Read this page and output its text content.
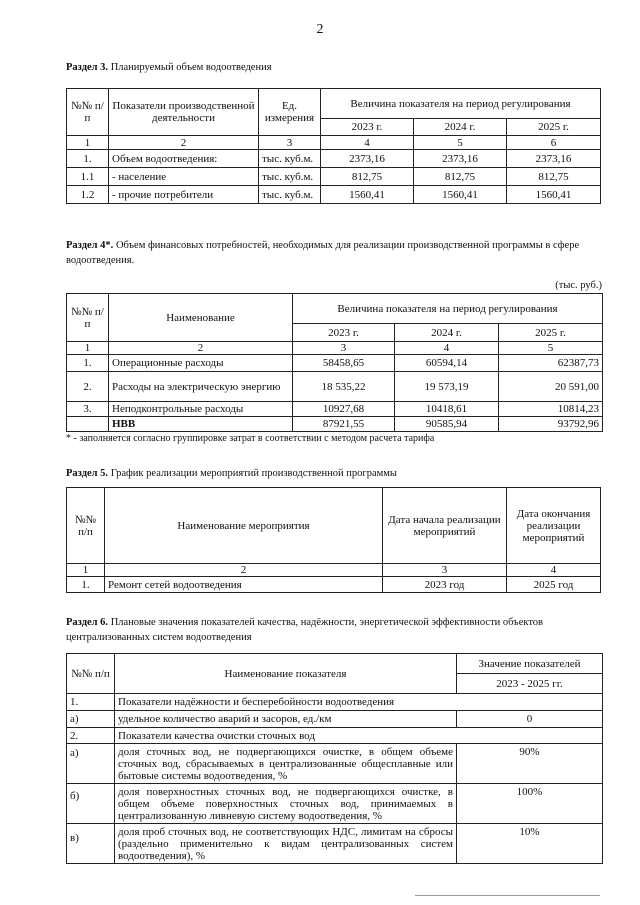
2
Раздел 3. Планируемый объем водоотведения
№№ п/п	Показатели производственной деятельности	Ед. измерения	Величина показателя на период регулирования		
			2023 г.	2024 г.	2025 г.
1	2	3	4	5	6
1.	Объем водоотведения:	тыс. куб.м.	2373,16	2373,16	2373,16
1.1	- население	тыс. куб.м.	812,75	812,75	812,75
1.2	- прочие потребители	тыс. куб.м.	1560,41	1560,41	1560,41
Раздел 4*. Объем финансовых потребностей, необходимых для реализации производственной программы в сфере водоотведения.
(тыс. руб.)
№№ п/п	Наименование	Величина показателя на период регулирования		
		2023 г.	2024 г.	2025 г.
1	2	3	4	5
1.	Операционные расходы	58458,65	60594,14	62387,73
2.	Расходы на электрическую энергию	18 535,22	19 573,19	20 591,00
3.	Неподконтрольные расходы	10927,68	10418,61	10814,23
	НВВ	87921,55	90585,94	93792,96
* - заполняется согласно группировке затрат в соответствии с методом расчета тарифа
Раздел 5. График реализации мероприятий производственной программы
№№ п/п	Наименование мероприятия	Дата начала реализации мероприятий	Дата окончания реализации мероприятий
1	2	3	4
1.	Ремонт сетей водоотведения	2023 год	2025 год
Раздел 6. Плановые значения показателей качества, надёжности, энергетической эффективности объектов централизованных систем водоотведения
№№ п/п	Наименование показателя	Значение показателей
		2023 - 2025 гг.
1.	Показатели надёжности и бесперебойности водоотведения	
а)	удельное количество аварий и засоров, ед./км	0
2.	Показатели качества очистки сточных вод	
а)	доля сточных вод, не подвергающихся очистке, в общем объеме сточных вод, сбрасываемых в централизованные общесплавные или бытовые системы водоотведения, %	90%
б)	доля поверхностных сточных вод, не подвергающихся очистке, в общем объеме поверхностных сточных вод, принимаемых в централизованную ливневую систему водоотведения, %	100%
в)	доля проб сточных вод, не соответствующих НДС, лимитам на сбросы (раздельно применительно к видам централизованных систем водоотведения), %	10%
